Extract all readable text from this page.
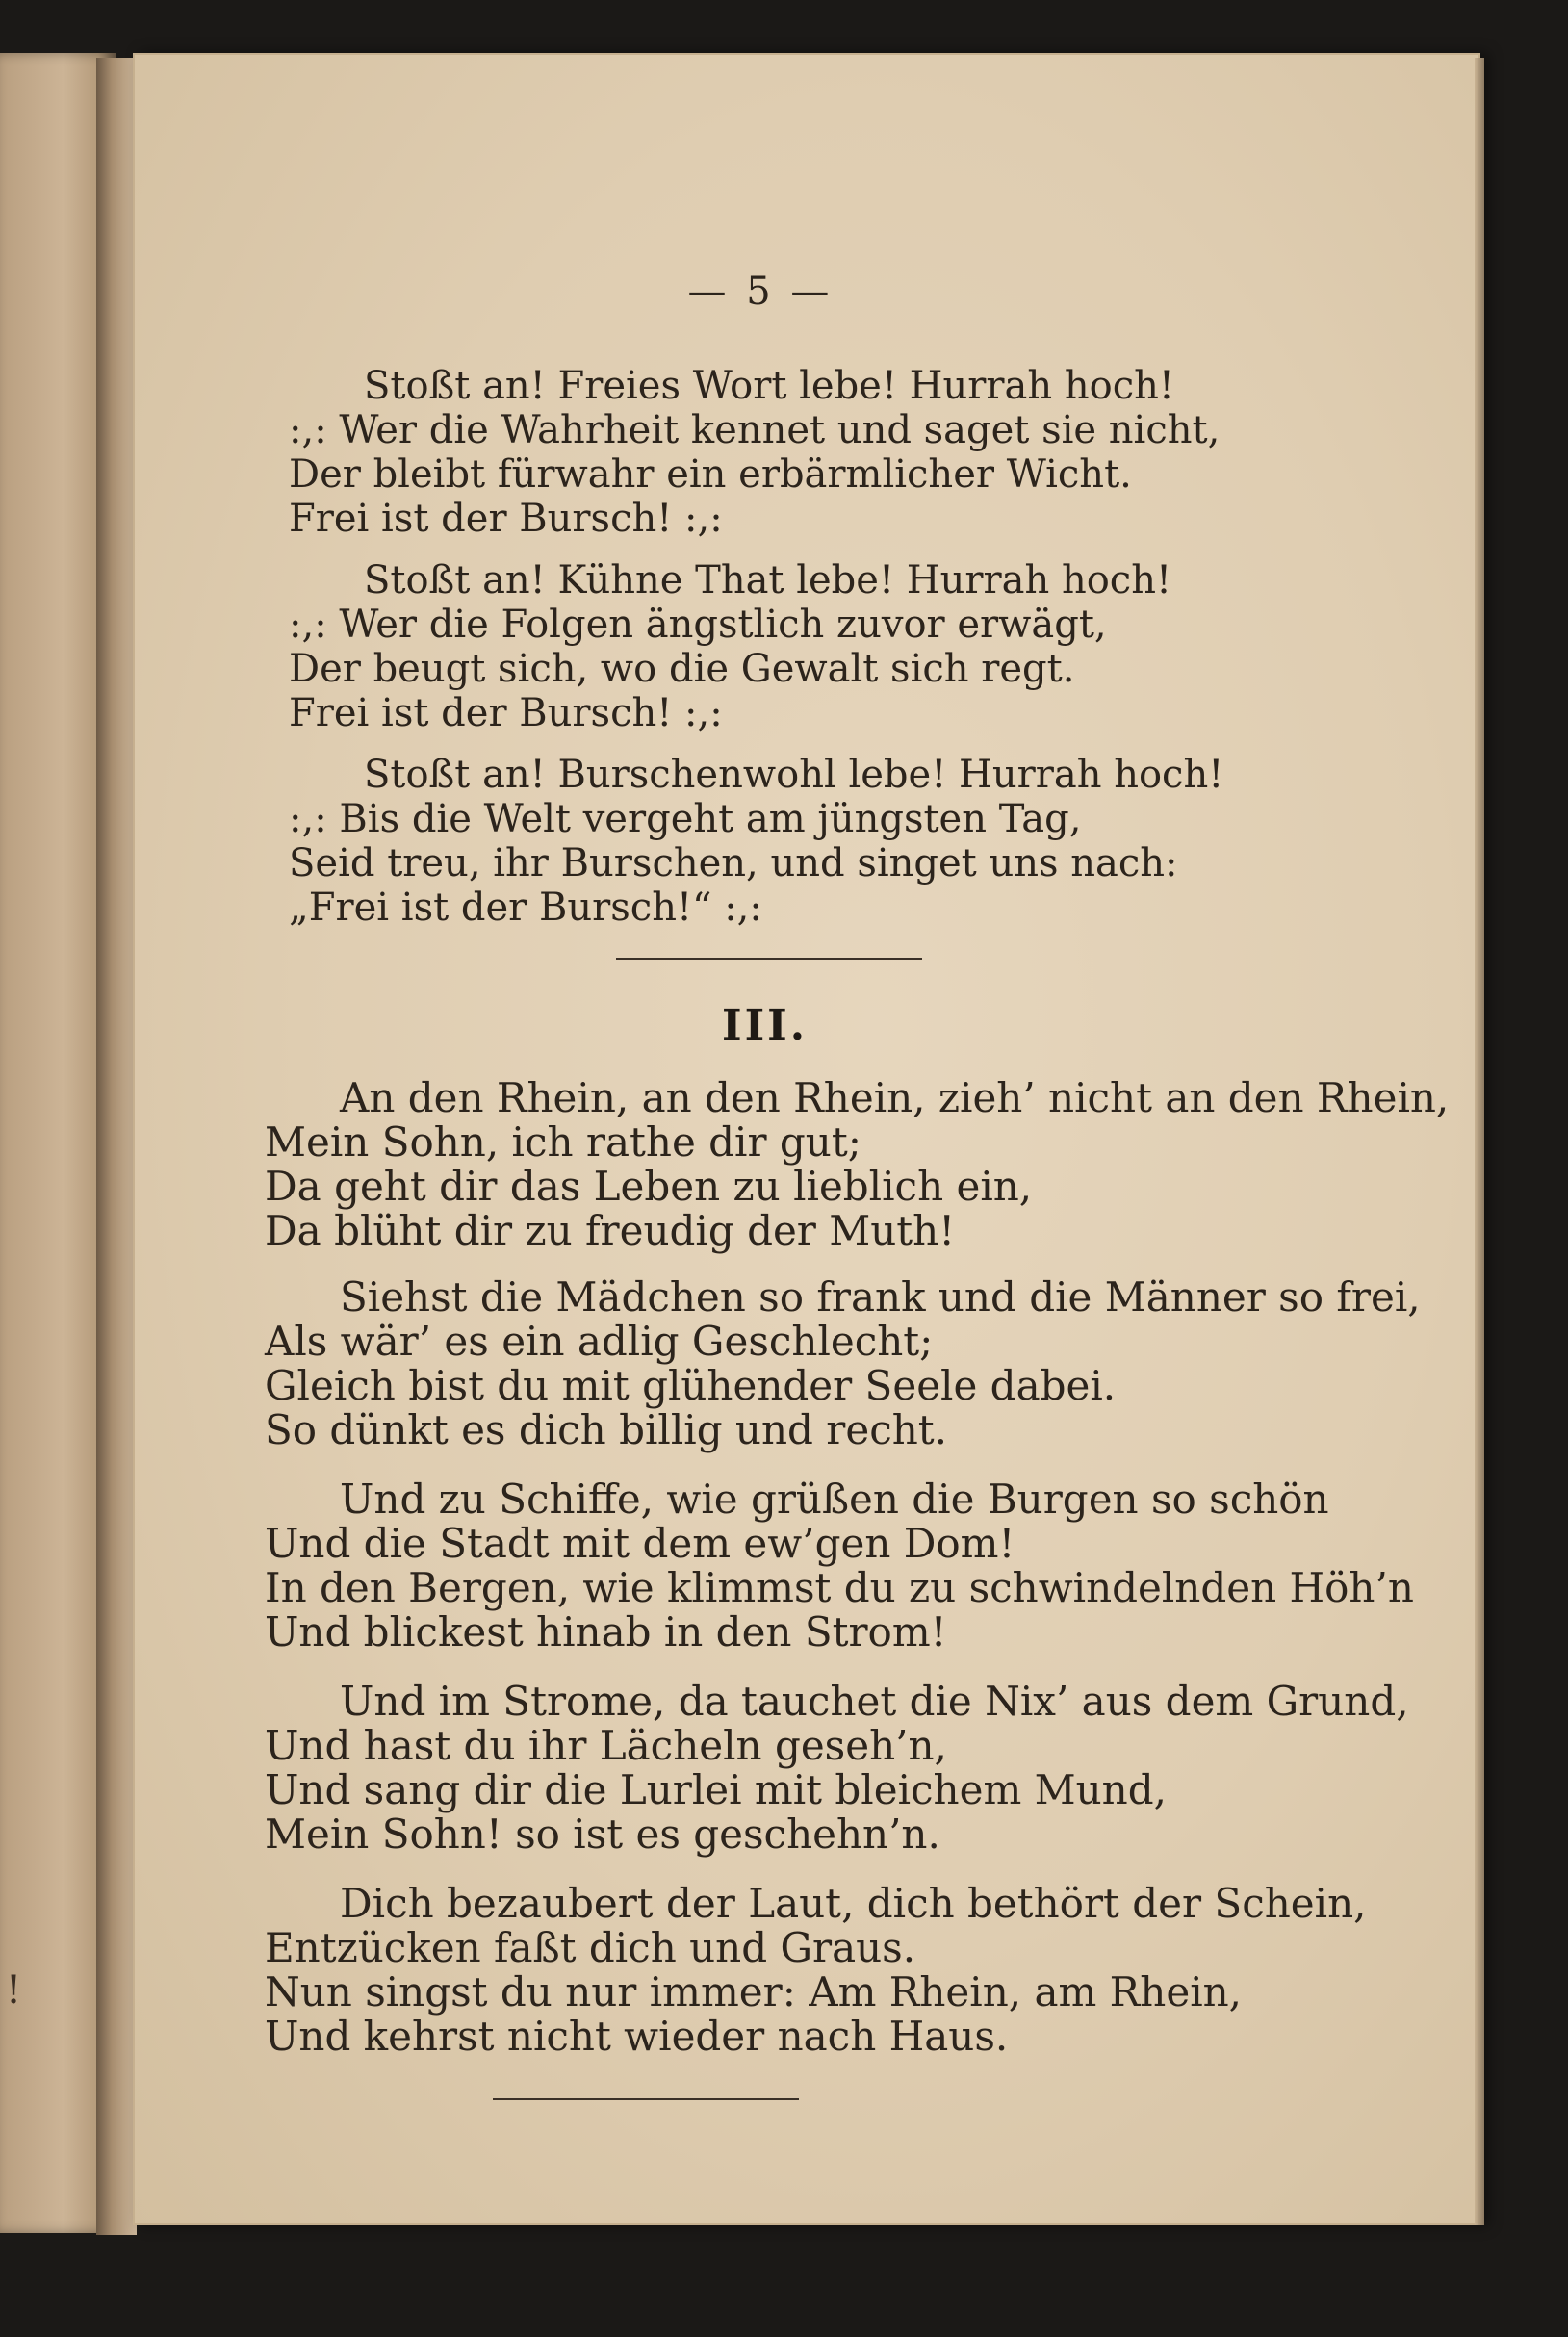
!
— 5 —
Stoßt an! Freies Wort lebe! Hurrah hoch!
:,: Wer die Wahrheit kennet und saget sie nicht,
Der bleibt fürwahr ein erbärmlicher Wicht.
Frei ist der Bursch! :,:
Stoßt an! Kühne That lebe! Hurrah hoch!
:,: Wer die Folgen ängstlich zuvor erwägt,
Der beugt sich, wo die Gewalt sich regt.
Frei ist der Bursch! :,:
Stoßt an! Burschenwohl lebe! Hurrah hoch!
:,: Bis die Welt vergeht am jüngsten Tag,
Seid treu, ihr Burschen, und singet uns nach:
„Frei ist der Bursch!“ :,:
III.
An den Rhein, an den Rhein, zieh’ nicht an den Rhein,
Mein Sohn, ich rathe dir gut;
Da geht dir das Leben zu lieblich ein,
Da blüht dir zu freudig der Muth!
Siehst die Mädchen so frank und die Männer so frei,
Als wär’ es ein adlig Geschlecht;
Gleich bist du mit glühender Seele dabei.
So dünkt es dich billig und recht.
Und zu Schiffe, wie grüßen die Burgen so schön
Und die Stadt mit dem ew’gen Dom!
In den Bergen, wie klimmst du zu schwindelnden Höh’n
Und blickest hinab in den Strom!
Und im Strome, da tauchet die Nix’ aus dem Grund,
Und hast du ihr Lächeln geseh’n,
Und sang dir die Lurlei mit bleichem Mund,
Mein Sohn! so ist es geschehn’n.
Dich bezaubert der Laut, dich bethört der Schein,
Entzücken faßt dich und Graus.
Nun singst du nur immer: Am Rhein, am Rhein,
Und kehrst nicht wieder nach Haus.
